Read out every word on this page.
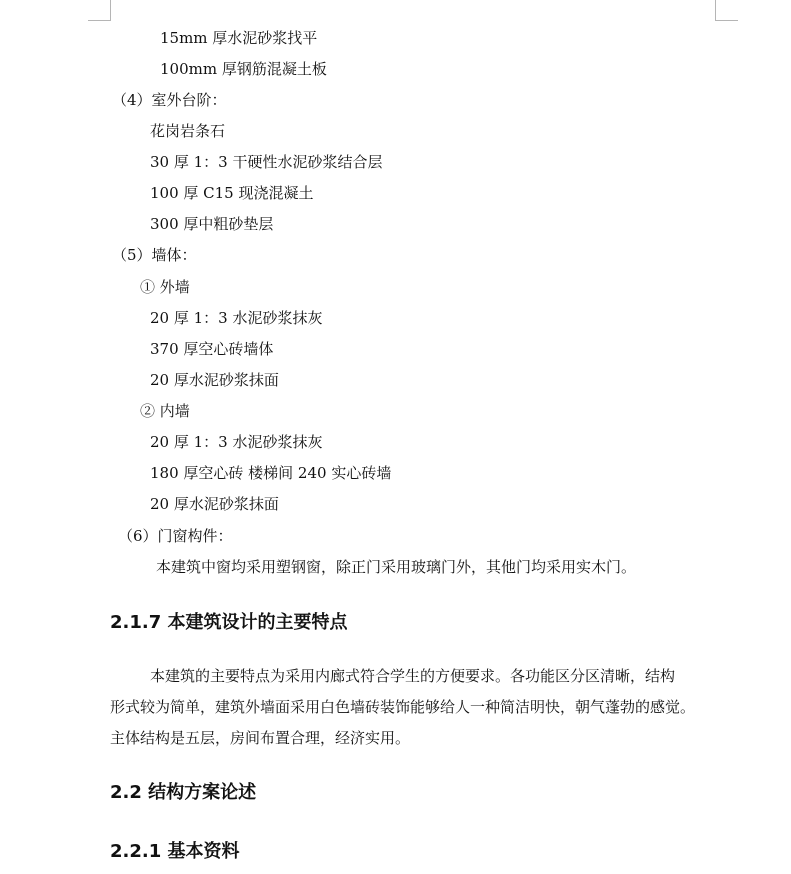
15mm 厚水泥砂浆找平
100mm 厚钢筋混凝土板
（4）室外台阶：
花岗岩条石
30 厚 1：3 干硬性水泥砂浆结合层
100 厚 C15 现浇混凝土
300 厚中粗砂垫层
（5）墙体：
① 外墙
20 厚 1：3 水泥砂浆抹灰
370 厚空心砖墙体
20 厚水泥砂浆抹面
② 内墙
20 厚 1：3 水泥砂浆抹灰
180 厚空心砖 楼梯间 240 实心砖墙
20 厚水泥砂浆抹面
（6）门窗构件：
本建筑中窗均采用塑钢窗，除正门采用玻璃门外，其他门均采用实木门。
2.1.7 本建筑设计的主要特点
本建筑的主要特点为采用内廊式符合学生的方便要求。各功能区分区清晰，结构
形式较为简单，建筑外墙面采用白色墙砖装饰能够给人一种简洁明快，朝气蓬勃的感觉。
主体结构是五层，房间布置合理，经济实用。
2.2 结构方案论述
2.2.1 基本资料
